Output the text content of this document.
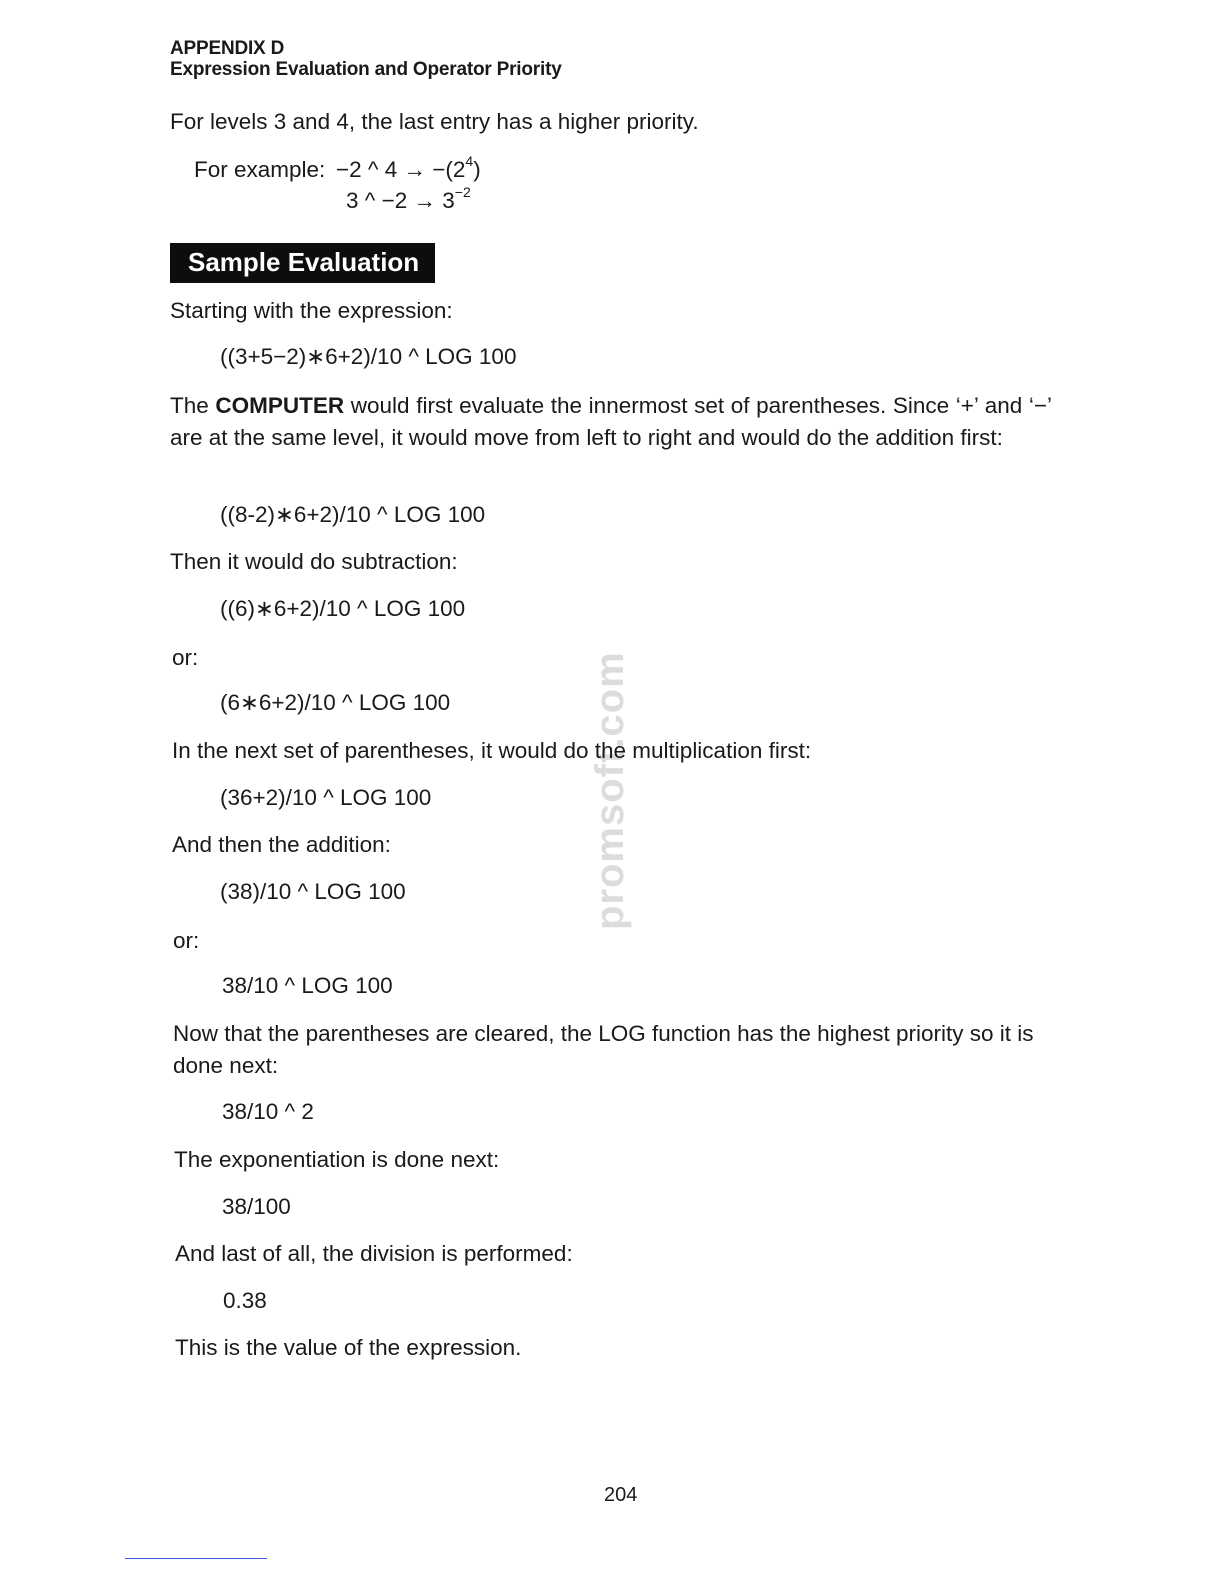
APPENDIX D
Expression Evaluation and Operator Priority
For levels 3 and 4, the last entry has a higher priority.
For example: −2 ^ $4 \to -(2^4)$
3 ^ $-2 \to 3^{-2}$
Sample Evaluation
promsoft.com
Starting with the expression:
((3+5−2)∗6+2)/10 ^ LOG 100
The COMPUTER would first evaluate the innermost set of parentheses. Since ‘+’ and ‘−’ are at the same level, it would move from left to right and would do the addition first:
((8-2)∗6+2)/10 ^ LOG 100
Then it would do subtraction:
((6)∗6+2)/10 ^ LOG 100
or:
(6∗6+2)/10 ^ LOG 100
In the next set of parentheses, it would do the multiplication first:
(36+2)/10 ^ LOG 100
And then the addition:
(38)/10 ^ LOG 100
or:
38/10 ^ LOG 100
Now that the parentheses are cleared, the LOG function has the highest priority so it is done next:
38/10 ^ 2
The exponentiation is done next:
38/100
And last of all, the division is performed:
0.38
This is the value of the expression.
204
